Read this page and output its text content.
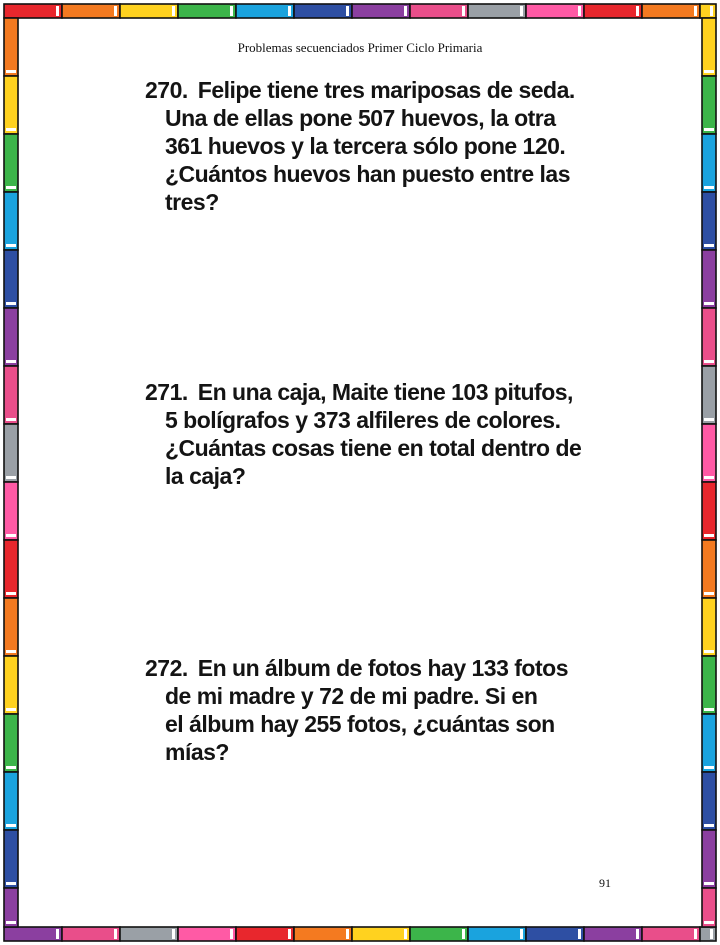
Problemas secuenciados Primer Ciclo Primaria
270. Felipe tiene tres mariposas de seda.
Una de ellas pone 507 huevos, la otra
361 huevos y la tercera sólo pone 120.
¿Cuántos huevos han puesto entre las
tres?
271. En una caja, Maite tiene 103 pitufos,
5 bolígrafos y 373 alfileres de colores.
¿Cuántas cosas tiene en total dentro de
la caja?
272. En un álbum de fotos hay 133 fotos
de mi madre y 72 de mi padre. Si en
el álbum hay 255 fotos, ¿cuántas son
mías?
91
